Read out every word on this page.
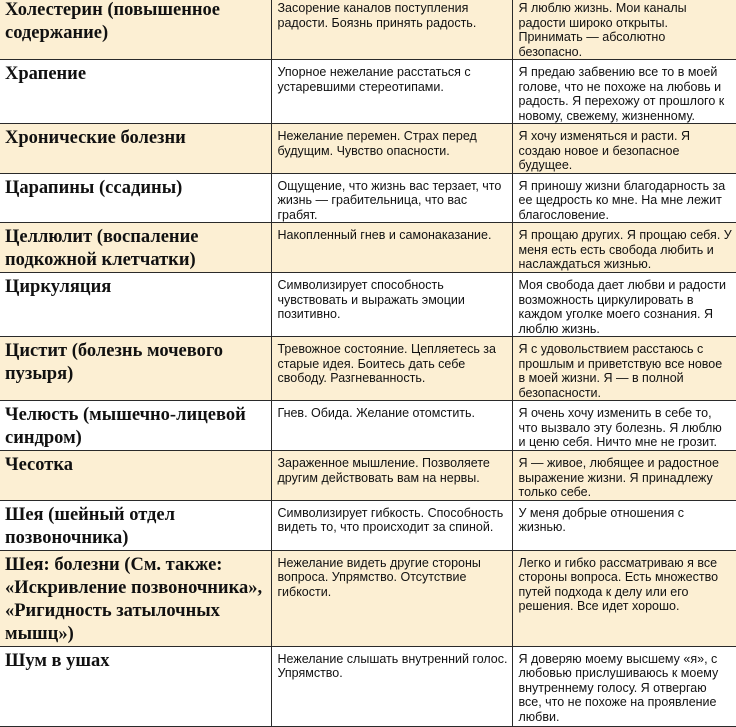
Холестерин (повышенное содержание)	Засорение каналов поступления радости. Боязнь принять радость.	Я люблю жизнь. Мои каналы радости широко открыты. Принимать — абсолютно безопасно.
Храпение	Упорное нежелание расстаться с устаревшими стереотипами.	Я предаю забвению все то в моей голове, что не похоже на любовь и радость. Я перехожу от прошлого к новому, свежему, жизненному.
Хронические болезни	Нежелание перемен. Страх перед будущим. Чувство опасности.	Я хочу изменяться и расти. Я создаю новое и безопасное будущее.
Царапины (ссадины)	Ощущение, что жизнь вас терзает, что жизнь — грабительница, что вас грабят.	Я приношу жизни благодарность за ее щедрость ко мне. На мне лежит благословение.
Целлюлит (воспаление подкожной клетчатки)	Накопленный гнев и самонаказание.	Я прощаю других. Я прощаю себя. У меня есть есть свобода любить и наслаждаться жизнью.
Циркуляция	Символизирует способность чувствовать и выражать эмоции позитивно.	Моя свобода дает любви и радости возможность циркулировать в каждом уголке моего сознания. Я люблю жизнь.
Цистит (болезнь мочевого пузыря)	Тревожное состояние. Цепляетесь за старые идея. Боитесь дать себе свободу. Разгневанность.	Я с удовольствием расстаюсь с прошлым и приветствую все новое в моей жизни. Я — в полной безопасности.
Челюсть (мышечно-лицевой синдром)	Гнев. Обида. Желание отомстить.	Я очень хочу изменить в себе то, что вызвало эту болезнь. Я люблю и ценю себя. Ничто мне не грозит.
Чесотка	Зараженное мышление. Позволяете другим действовать вам на нервы.	Я — живое, любящее и радостное выражение жизни. Я принадлежу только себе.
Шея (шейный отдел позвоночника)	Символизирует гибкость. Способность видеть то, что происходит за спиной.	У меня добрые отношения с жизнью.
Шея: болезни (См. также: «Искривление позвоночника», «Ригидность затылочных мышц»)	Нежелание видеть другие стороны вопроса. Упрямство. Отсутствие гибкости.	Легко и гибко рассматриваю я все стороны вопроса. Есть множество путей подхода к делу или его решения. Все идет хорошо.
Шум в ушах	Нежелание слышать внутренний голос. Упрямство.	Я доверяю моему высшему «я», с любовью прислушиваюсь к моему внутреннему голосу. Я отвергаю все, что не похоже на проявление любви.
